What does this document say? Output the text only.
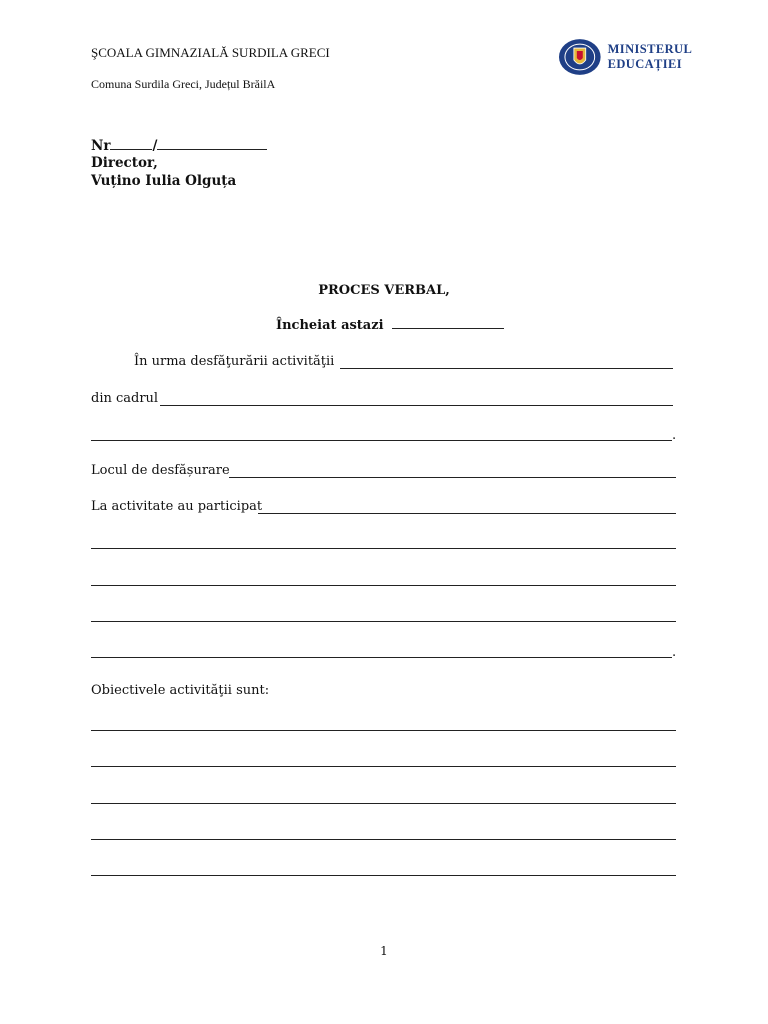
ŞCOALA GIMNAZIALĂ SURDILA GRECI
Comuna Surdila Greci, Județul BrăilA
MINISTERUL EDUCAȚIEI
Nr	/
Director,
Vuțino Iulia Olguța
PROCES VERBAL,
Încheiat astazi
În urma desfăţurării activităţii
din cadrul
.
Locul de desfășurare
La activitate au participat
.
Obiectivele activităţii sunt:
1
